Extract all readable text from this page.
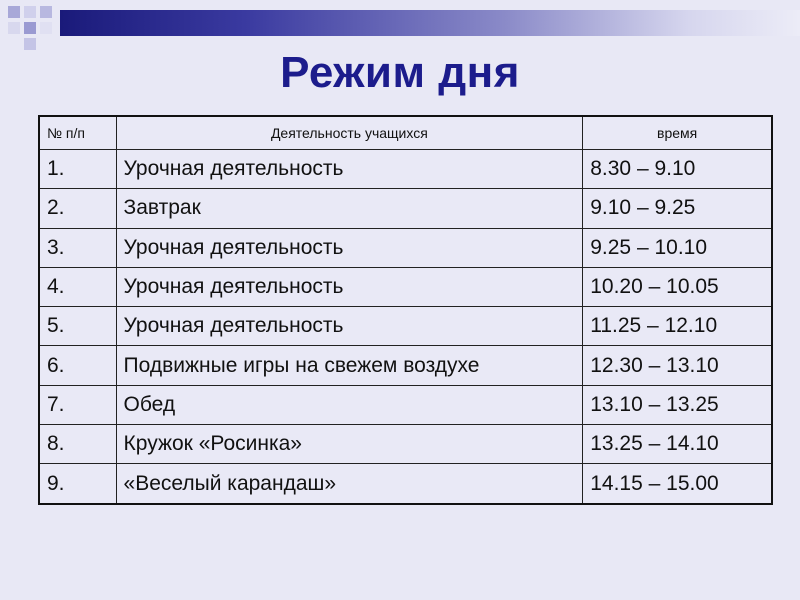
Режим дня
№ п/п	Деятельность учащихся	время
1.	Урочная деятельность	8.30 – 9.10
2.	Завтрак	9.10 – 9.25
3.	Урочная деятельность	9.25 – 10.10
4.	Урочная деятельность	10.20 – 10.05
5.	Урочная деятельность	11.25 – 12.10
6.	Подвижные игры на свежем воздухе	12.30 – 13.10
7.	Обед	13.10 – 13.25
8.	Кружок «Росинка»	13.25 – 14.10
9.	«Веселый карандаш»	14.15 – 15.00
